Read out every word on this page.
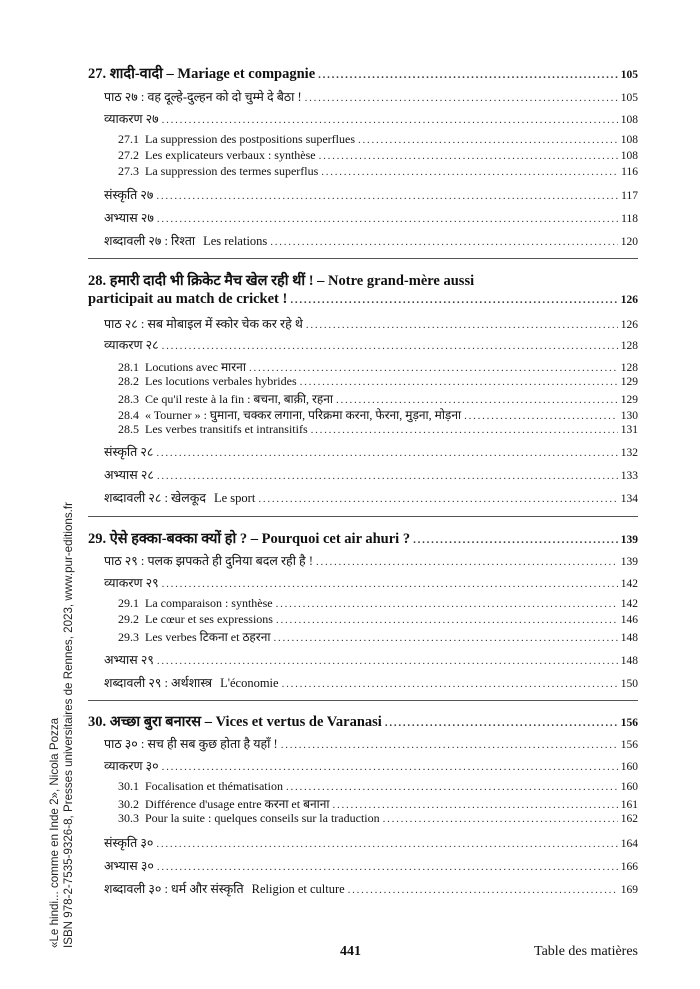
«Le hindi... comme en Inde 2», Nicola Pozza ISBN 978-2-7535-9326-8, Presses universitaires de Rennes, 2023, www.pur-editions.fr
27. शादी-वादी – Mariage et compagnie . . .	105
पाठ २७ : वह दूल्हे-दुल्हन को दो चुम्मे दे बैठा ! . . .	105
व्याकरण २७ . . .	108
27.1 La suppression des postpositions superflues . . .	108
27.2 Les explicateurs verbaux : synthèse . . .	108
27.3 La suppression des termes superflus . . .	116
संस्कृति २७ . . .	117
अभ्यास २७ . . .	118
शब्दावली २७ : रिश्ता Les relations . . .	120
28. हमारी दादी भी क्रिकेट मैच खेल रही थीं ! – Notre grand-mère aussi
participait au match de cricket ! . . .	126
पाठ २८ : सब मोबाइल में स्कोर चेक कर रहे थे . . .	126
व्याकरण २८ . . .	128
28.1 Locutions avec मारना . . .	128
28.2 Les locutions verbales hybrides . . .	129
28.3 Ce qu'il reste à la fin : बचना, बाक़ी, रहना . . .	129
28.4 « Tourner » : घुमाना, चक्कर लगाना, परिक्रमा करना, फेरना, मुड़ना, मोड़ना . . .	130
28.5 Les verbes transitifs et intransitifs . . .	131
संस्कृति २८ . . .	132
अभ्यास २८ . . .	133
शब्दावली २८ : खेलकूद Le sport . . .	134
29. ऐसे हक्का-बक्का क्यों हो ? – Pourquoi cet air ahuri ? . . .	139
पाठ २९ : पलक झपकते ही दुनिया बदल रही है ! . . .	139
व्याकरण २९ . . .	142
29.1 La comparaison : synthèse . . .	142
29.2 Le cœur et ses expressions . . .	146
29.3 Les verbes टिकना et ठहरना . . .	148
अभ्यास २९ . . .	148
शब्दावली २९ : अर्थशास्त्र L'économie . . .	150
30. अच्छा बुरा बनारस – Vices et vertus de Varanasi . . .	156
पाठ ३० : सच ही सब कुछ होता है यहाँ ! . . .	156
व्याकरण ३० . . .	160
30.1 Focalisation et thématisation . . .	160
30.2 Différence d'usage entre करना et बनाना . . .	161
30.3 Pour la suite : quelques conseils sur la traduction . . .	162
संस्कृति ३० . . .	164
अभ्यास ३० . . .	166
शब्दावली ३० : धर्म और संस्कृति Religion et culture . . .	169
441	Table des matières
